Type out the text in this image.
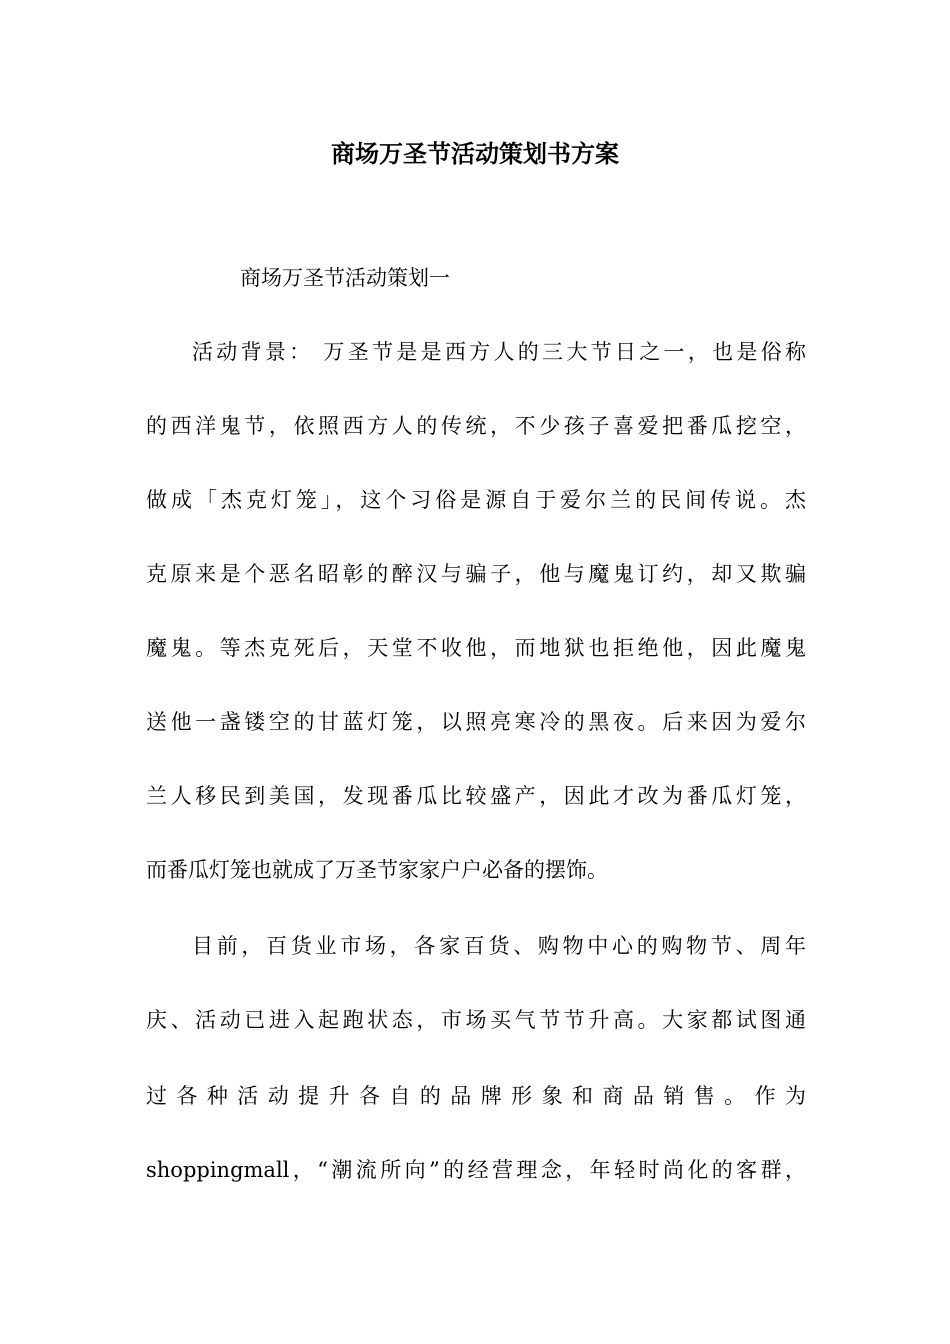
商场万圣节活动策划书方案
商场万圣节活动策划一
活动背景： 万圣节是是西方人的三大节日之一，也是俗称
的西洋鬼节，依照西方人的传统，不少孩子喜爱把番瓜挖空，
做成「杰克灯笼」，这个习俗是源自于爱尔兰的民间传说。杰
克原来是个恶名昭彰的醉汉与骗子，他与魔鬼订约，却又欺骗
魔鬼。等杰克死后，天堂不收他，而地狱也拒绝他，因此魔鬼
送他一盏镂空的甘蓝灯笼，以照亮寒冷的黑夜。后来因为爱尔
兰人移民到美国，发现番瓜比较盛产，因此才改为番瓜灯笼，
而番瓜灯笼也就成了万圣节家家户户必备的摆饰。
目前，百货业市场，各家百货、购物中心的购物节、周年
庆、活动已进入起跑状态，市场买气节节升高。大家都试图通
过各种活动提升各自的品牌形象和商品销售。作为
shoppingmall，“潮流所向”的经营理念，年轻时尚化的客群，
